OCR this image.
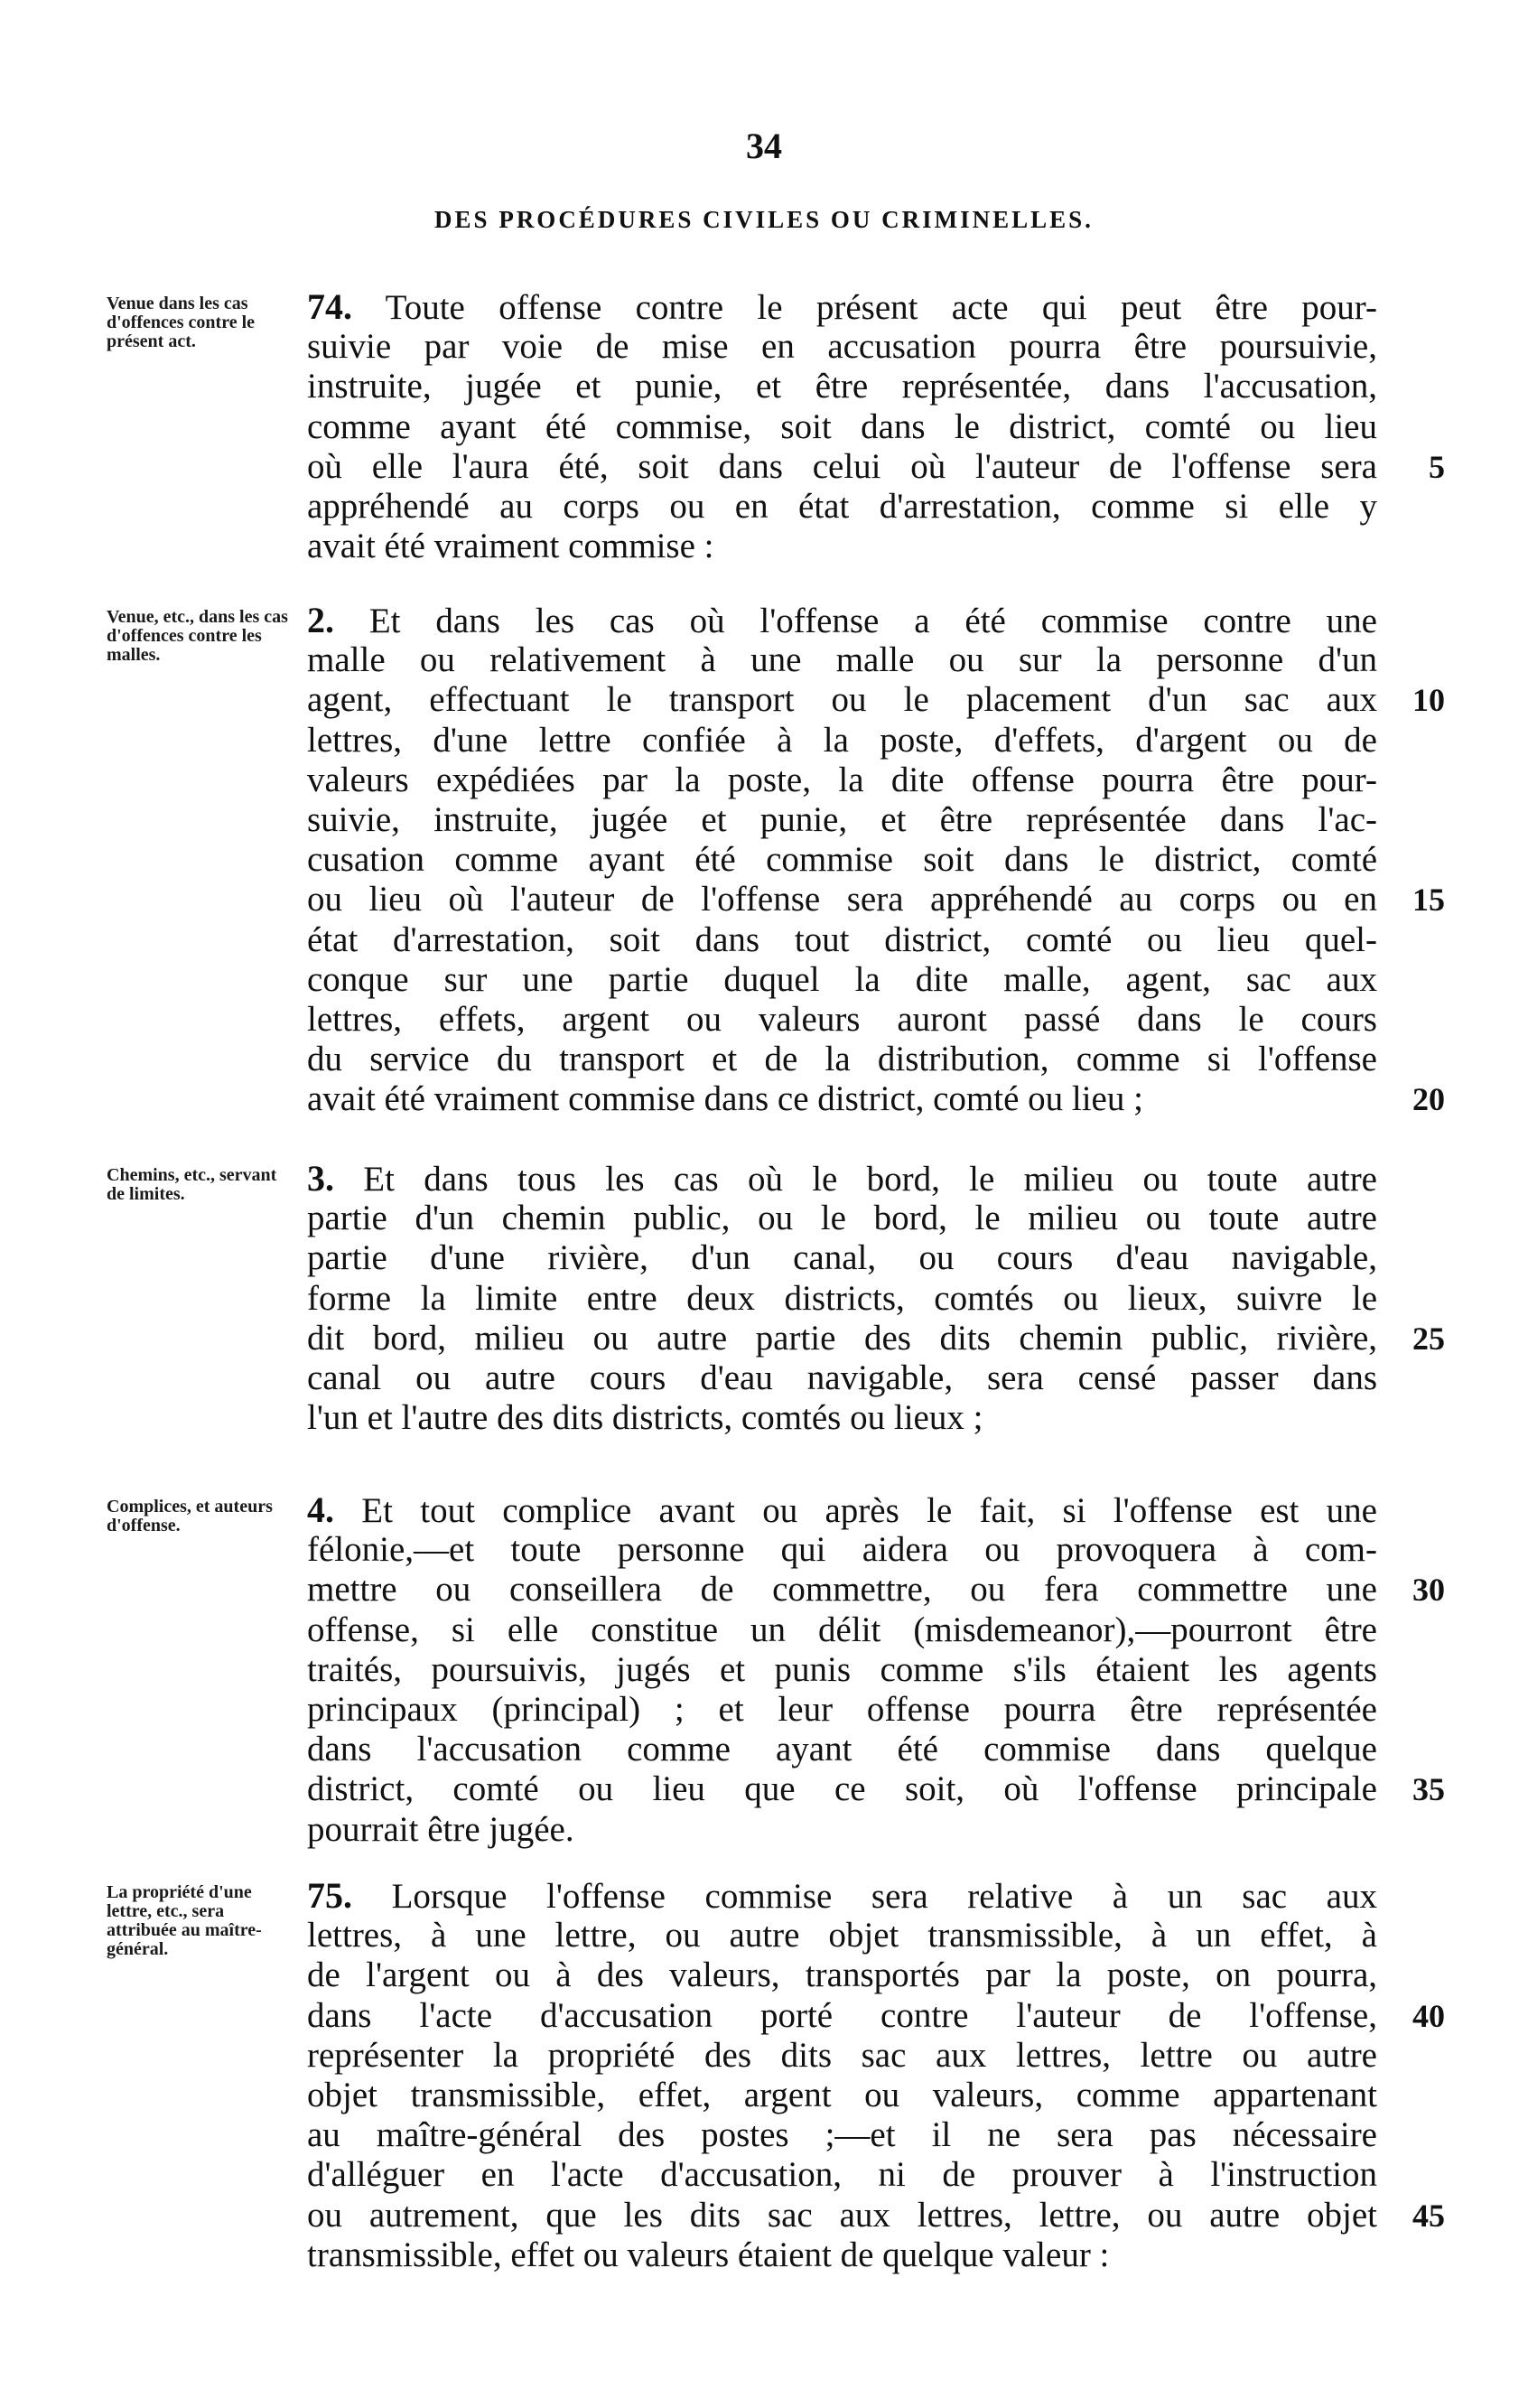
34
DES PROCÉDURES CIVILES OU CRIMINELLES.
Venue dans les cas d'offences contre le présent act.
74. Toute offense contre le présent acte qui peut être pour-
suivie par voie de mise en accusation pourra être poursuivie,
instruite, jugée et punie, et être représentée, dans l'accusation,
comme ayant été commise, soit dans le district, comté ou lieu
où elle l'aura été, soit dans celui où l'auteur de l'offense sera	5
appréhendé au corps ou en état d'arrestation, comme si elle y
avait été vraiment commise :
Venue, etc., dans les cas d'offences contre les malles.
2. Et dans les cas où l'offense a été commise contre une
malle ou relativement à une malle ou sur la personne d'un
agent, effectuant le transport ou le placement d'un sac aux	10
lettres, d'une lettre confiée à la poste, d'effets, d'argent ou de
valeurs expédiées par la poste, la dite offense pourra être pour-
suivie, instruite, jugée et punie, et être représentée dans l'ac-
cusation comme ayant été commise soit dans le district, comté
ou lieu où l'auteur de l'offense sera appréhendé au corps ou en	15
état d'arrestation, soit dans tout district, comté ou lieu quel-
conque sur une partie duquel la dite malle, agent, sac aux
lettres, effets, argent ou valeurs auront passé dans le cours
du service du transport et de la distribution, comme si l'offense
avait été vraiment commise dans ce district, comté ou lieu ;	20
Chemins, etc., servant de limites.	3. Et dans tous les cas où le bord, le milieu ou toute autre
partie d'un chemin public, ou le bord, le milieu ou toute autre
partie d'une rivière, d'un canal, ou cours d'eau navigable,
forme la limite entre deux districts, comtés ou lieux, suivre le
dit bord, milieu ou autre partie des dits chemin public, rivière,	25
canal ou autre cours d'eau navigable, sera censé passer dans
l'un et l'autre des dits districts, comtés ou lieux ;
Complices, et auteurs d'offense.	4. Et tout complice avant ou après le fait, si l'offense est une
félonie,—et toute personne qui aidera ou provoquera à com-
mettre ou conseillera de commettre, ou fera commettre une	30
offense, si elle constitue un délit (misdemeanor),—pourront être
traités, poursuivis, jugés et punis comme s'ils étaient les agents
principaux (principal) ; et leur offense pourra être représentée
dans l'accusation comme ayant été commise dans quelque
district, comté ou lieu que ce soit, où l'offense principale	35
pourrait être jugée.
La propriété d'une lettre, etc., sera attribuée au maître-général.
75. Lorsque l'offense commise sera relative à un sac aux
lettres, à une lettre, ou autre objet transmissible, à un effet, à
de l'argent ou à des valeurs, transportés par la poste, on pourra,
dans l'acte d'accusation porté contre l'auteur de l'offense,	40
représenter la propriété des dits sac aux lettres, lettre ou autre
objet transmissible, effet, argent ou valeurs, comme appartenant
au maître-général des postes ;—et il ne sera pas nécessaire
d'alléguer en l'acte d'accusation, ni de prouver à l'instruction
ou autrement, que les dits sac aux lettres, lettre, ou autre objet	45
transmissible, effet ou valeurs étaient de quelque valeur :
